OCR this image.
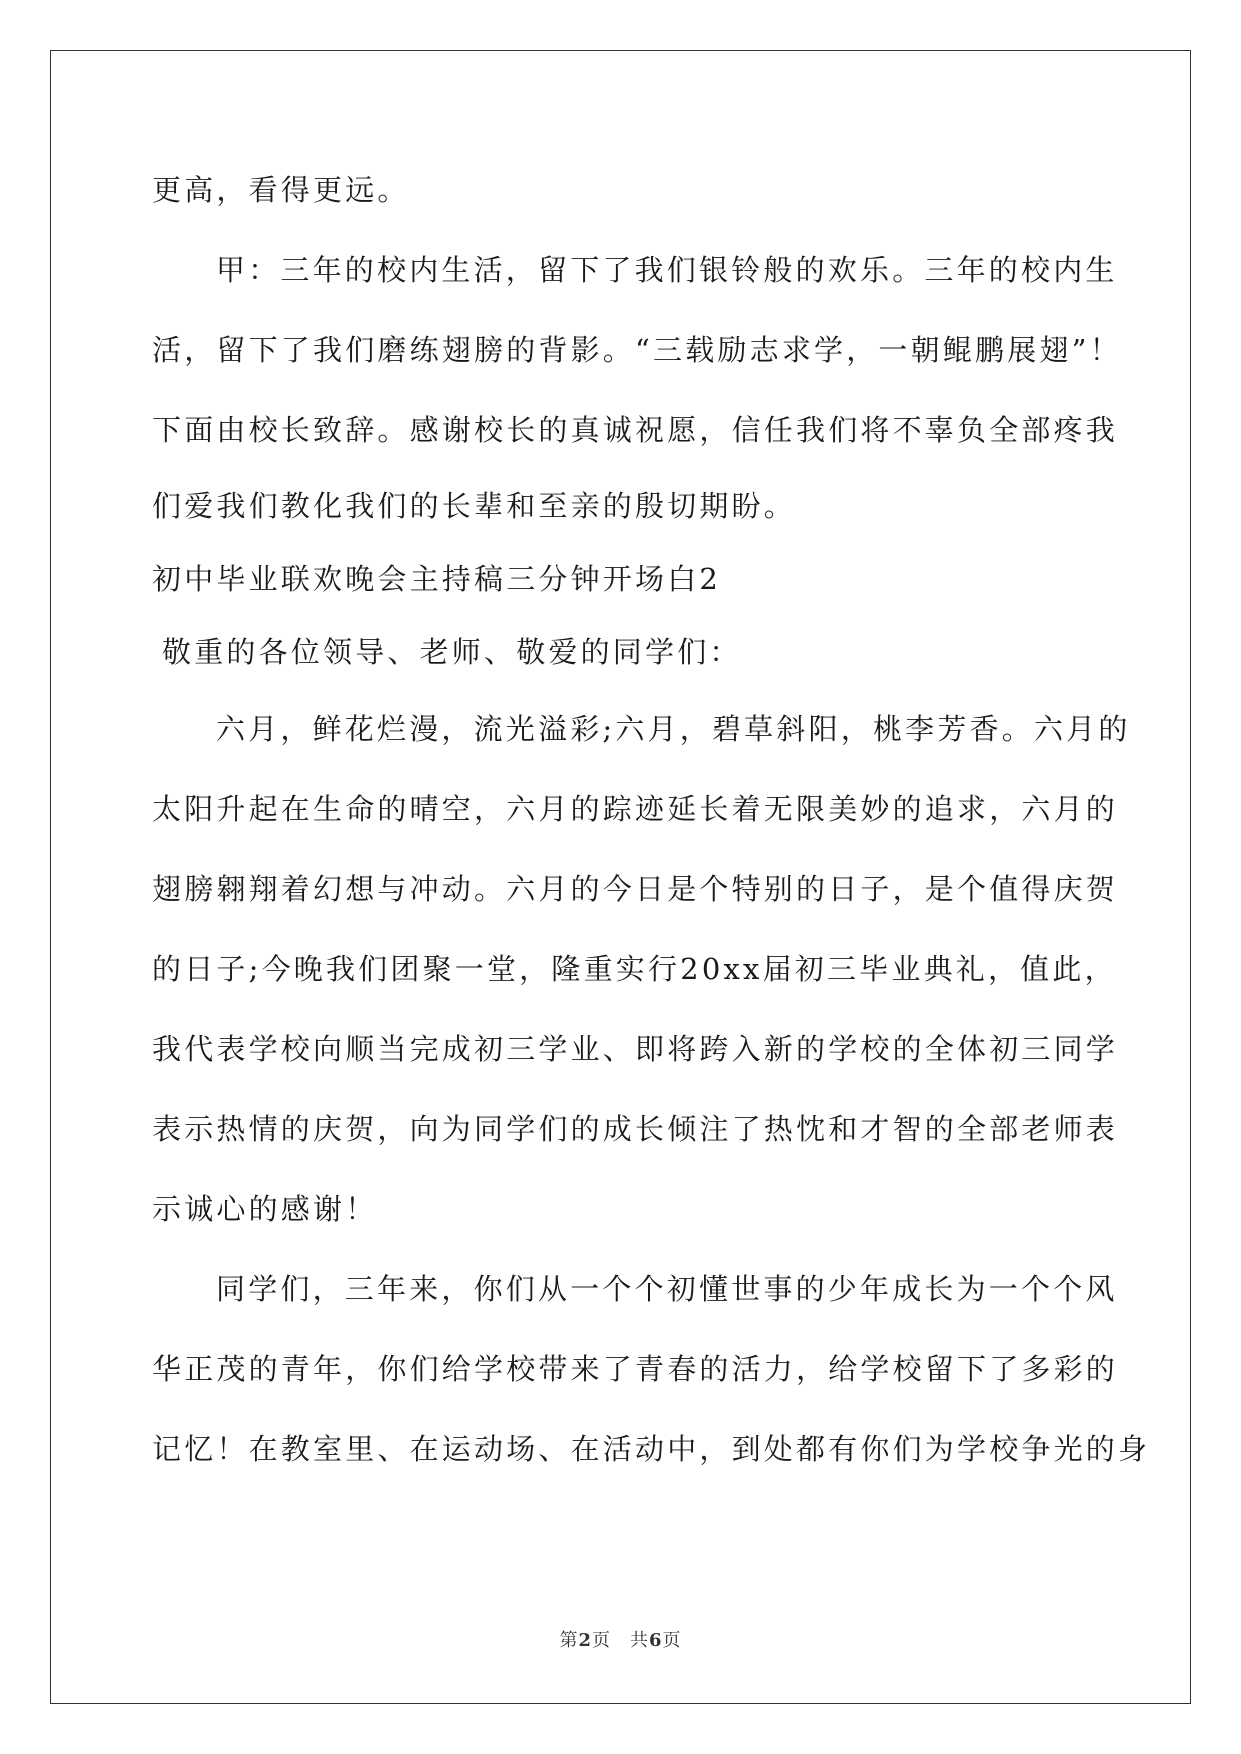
更高，看得更远。
甲：三年的校内生活，留下了我们银铃般的欢乐。三年的校内生
活，留下了我们磨练翅膀的背影。“三载励志求学，一朝鲲鹏展翅”！
下面由校长致辞。感谢校长的真诚祝愿，信任我们将不辜负全部疼我
们爱我们教化我们的长辈和至亲的殷切期盼。
初中毕业联欢晚会主持稿三分钟开场白2
敬重的各位领导、老师、敬爱的同学们：
六月，鲜花烂漫，流光溢彩;六月，碧草斜阳，桃李芳香。六月的
太阳升起在生命的晴空，六月的踪迹延长着无限美妙的追求，六月的
翅膀翱翔着幻想与冲动。六月的今日是个特别的日子，是个值得庆贺
的日子;今晚我们团聚一堂，隆重实行20xx届初三毕业典礼，值此，
我代表学校向顺当完成初三学业、即将跨入新的学校的全体初三同学
表示热情的庆贺，向为同学们的成长倾注了热忱和才智的全部老师表
示诚心的感谢！
同学们，三年来，你们从一个个初懂世事的少年成长为一个个风
华正茂的青年，你们给学校带来了青春的活力，给学校留下了多彩的
记忆！在教室里、在运动场、在活动中，到处都有你们为学校争光的身
第2页　共6页
